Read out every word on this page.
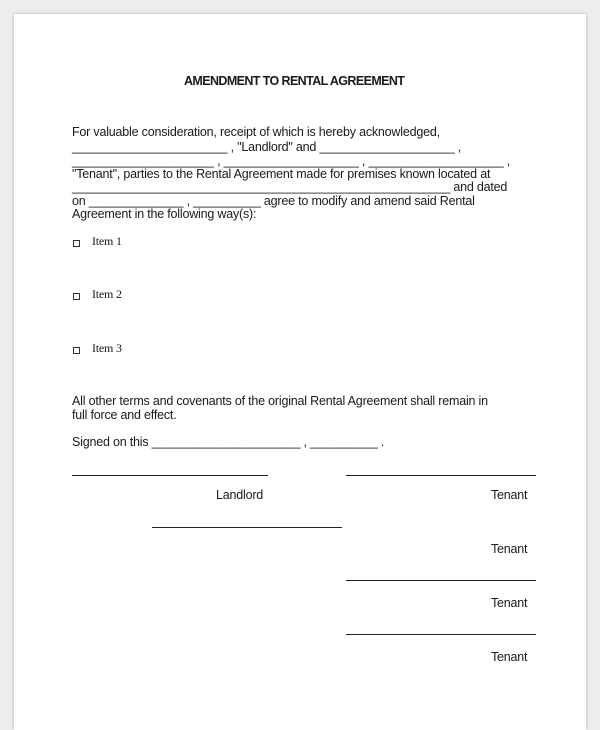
AMENDMENT TO RENTAL AGREEMENT
For valuable consideration, receipt of which is hereby acknowledged,
_______________________ , "Landlord" and ____________________ ,
_____________________ , ____________________ , ____________________ ,
"Tenant", parties to the Rental Agreement made for premises known located at
________________________________________________________ and dated
on ______________ , __________ agree to modify and amend said Rental
Agreement in the following way(s):
Item 1
Item 2
Item 3
All other terms and covenants of the original Rental Agreement shall remain in
full force and effect.
Signed on this ______________________ , __________ .
Landlord	Tenant
Tenant
Tenant
Tenant
